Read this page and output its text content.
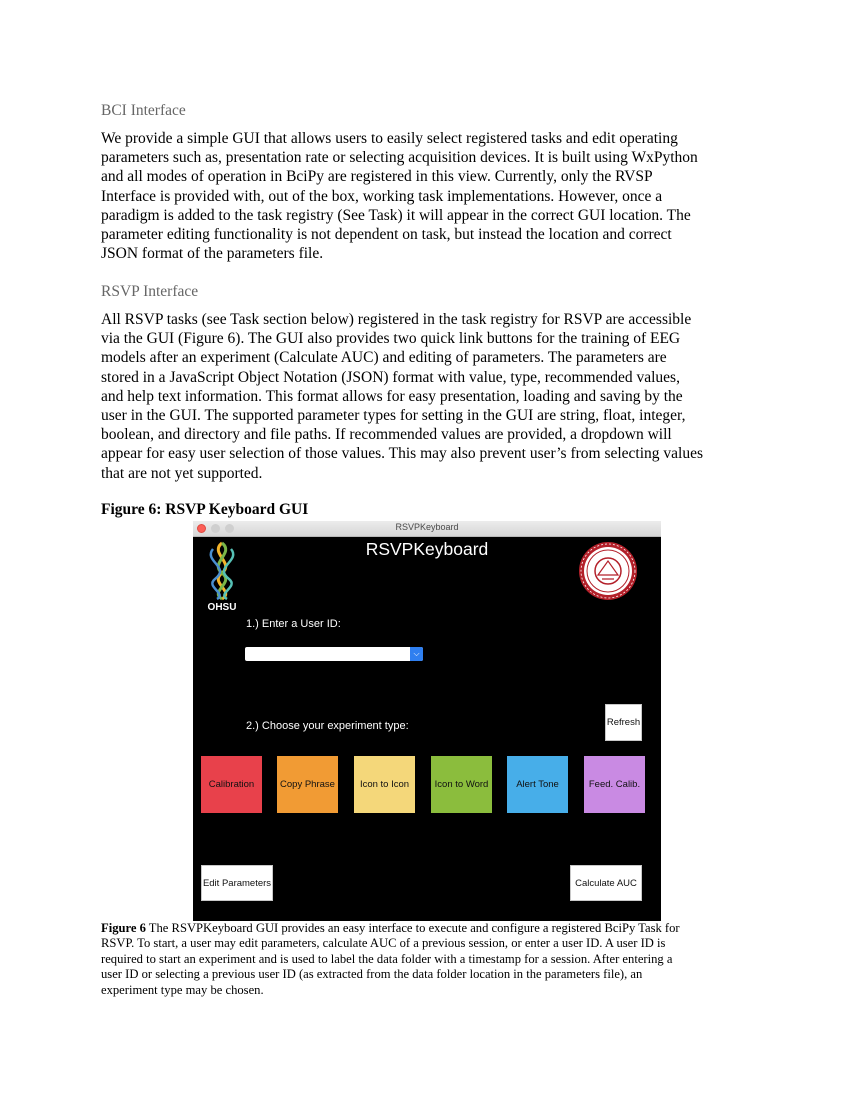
BCI Interface
We provide a simple GUI that allows users to easily select registered tasks and edit operating
parameters such as, presentation rate or selecting acquisition devices. It is built using WxPython
and all modes of operation in BciPy are registered in this view. Currently, only the RVSP
Interface is provided with, out of the box, working task implementations. However, once a
paradigm is added to the task registry (See Task) it will appear in the correct GUI location. The
parameter editing functionality is not dependent on task, but instead the location and correct
JSON format of the parameters file.
RSVP Interface
All RSVP tasks (see Task section below) registered in the task registry for RSVP are accessible
via the GUI (Figure 6). The GUI also provides two quick link buttons for the training of EEG
models after an experiment (Calculate AUC) and editing of parameters. The parameters are
stored in a JavaScript Object Notation (JSON) format with value, type, recommended values,
and help text information. This format allows for easy presentation, loading and saving by the
user in the GUI. The supported parameter types for setting in the GUI are string, float, integer,
boolean, and directory and file paths. If recommended values are provided, a dropdown will
appear for easy user selection of those values. This may also prevent user’s from selecting values
that are not yet supported.
Figure 6: RSVP Keyboard GUI
RSVPKeyboard
RSVPKeyboard
OHSU
1.) Enter a User ID:
⌵
2.) Choose your experiment type:	Refresh
Calibration	Copy Phrase	Icon to Icon	Icon to Word	Alert Tone	Feed. Calib.
Edit Parameters	Calculate AUC
Figure 6 The RSVPKeyboard GUI provides an easy interface to execute and configure a registered BciPy Task for
RSVP. To start, a user may edit parameters, calculate AUC of a previous session, or enter a user ID. A user ID is
required to start an experiment and is used to label the data folder with a timestamp for a session. After entering a
user ID or selecting a previous user ID (as extracted from the data folder location in the parameters file), an
experiment type may be chosen.
